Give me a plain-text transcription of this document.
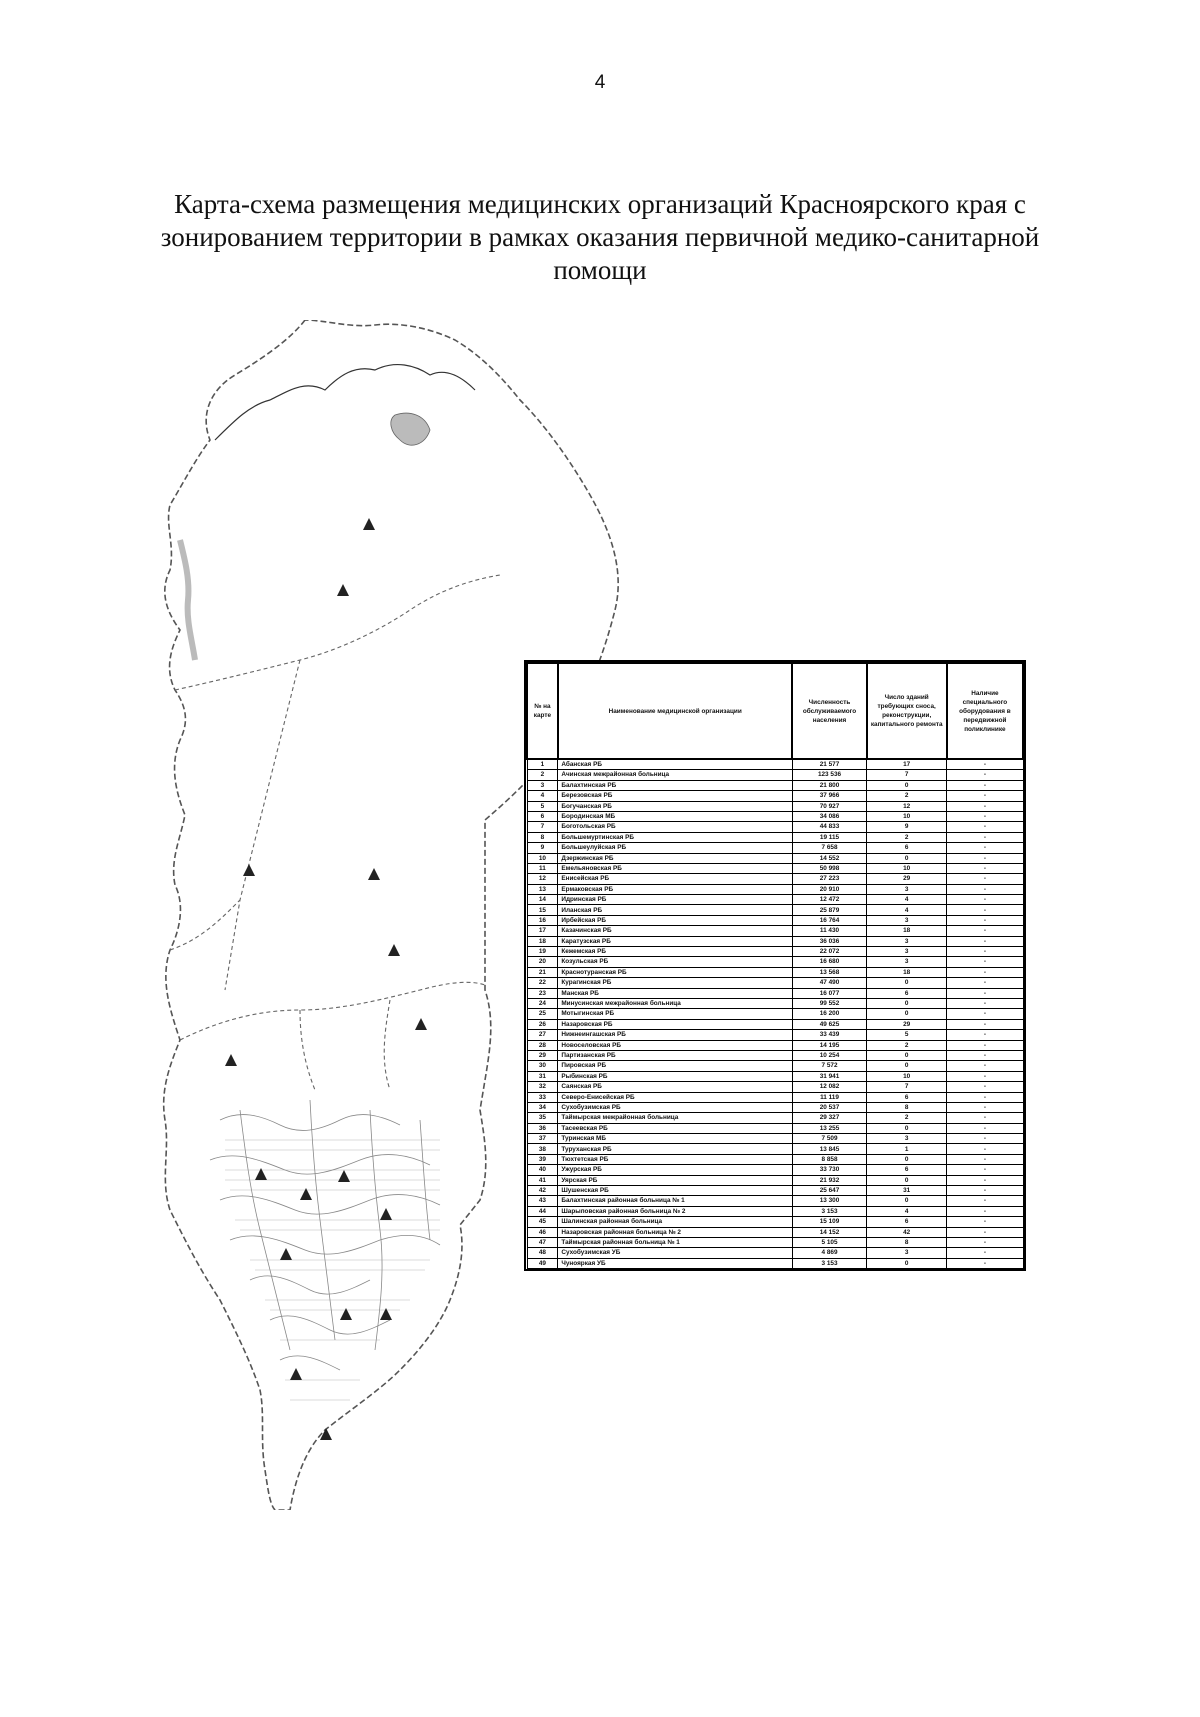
4
Карта-схема размещения медицинских организаций Красноярского края с
зонированием территории в рамках оказания первичной медико-санитарной
помощи
№ на карте	Наименование медицинской организации	Численность обслуживаемого населения	Число зданий требующих сноса, реконструкции, капитального ремонта	Наличие специального оборудования в передвижной поликлинике
1	Абанская РБ	21 577	17	-
2	Ачинская межрайонная больница	123 536	7	-
3	Балахтинская РБ	21 800	0	-
4	Березовская РБ	37 966	2	-
5	Богучанская РБ	70 927	12	-
6	Бородинская МБ	34 086	10	-
7	Боготольская РБ	44 833	9	-
8	Большемуртинская РБ	19 115	2	-
9	Большеулуйская РБ	7 658	6	-
10	Дзержинская РБ	14 552	0	-
11	Емельяновская РБ	50 998	10	-
12	Енисейская РБ	27 223	29	-
13	Ермаковская РБ	20 910	3	-
14	Идринская РБ	12 472	4	-
15	Иланская РБ	25 879	4	-
16	Ирбейская РБ	16 764	3	-
17	Казачинская РБ	11 430	18	-
18	Каратузская РБ	36 036	3	-
19	Кежемская РБ	22 072	3	-
20	Козульская РБ	16 680	3	-
21	Краснотуранская РБ	13 568	18	-
22	Курагинская РБ	47 490	0	-
23	Манская РБ	16 077	6	-
24	Минусинская межрайонная больница	99 552	0	-
25	Мотыгинская РБ	16 200	0	-
26	Назаровская РБ	49 625	29	-
27	Нижнеингашская РБ	33 439	5	-
28	Новоселовская РБ	14 195	2	-
29	Партизанская РБ	10 254	0	-
30	Пировская РБ	7 572	0	-
31	Рыбинская РБ	31 941	10	-
32	Саянская РБ	12 082	7	-
33	Северо-Енисейская РБ	11 119	6	-
34	Сухобузимская РБ	20 537	8	-
35	Таймырская межрайонная больница	29 327	2	-
36	Тасеевская РБ	13 255	0	-
37	Туринская МБ	7 509	3	-
38	Туруханская РБ	13 845	1	-
39	Тюхтетская РБ	8 858	0	-
40	Ужурская РБ	33 730	6	-
41	Уярская РБ	21 932	0	-
42	Шушенская РБ	25 647	31	-
43	Балахтинская районная больница № 1	13 300	0	-
44	Шарыповская районная больница № 2	3 153	4	-
45	Шалинская районная больница	15 109	6	-
46	Назаровская районная больница № 2	14 152	42	-
47	Таймырская районная больница № 1	5 105	8	-
48	Сухобузимская УБ	4 869	3	-
49	Чунояркая УБ	3 153	0	-
